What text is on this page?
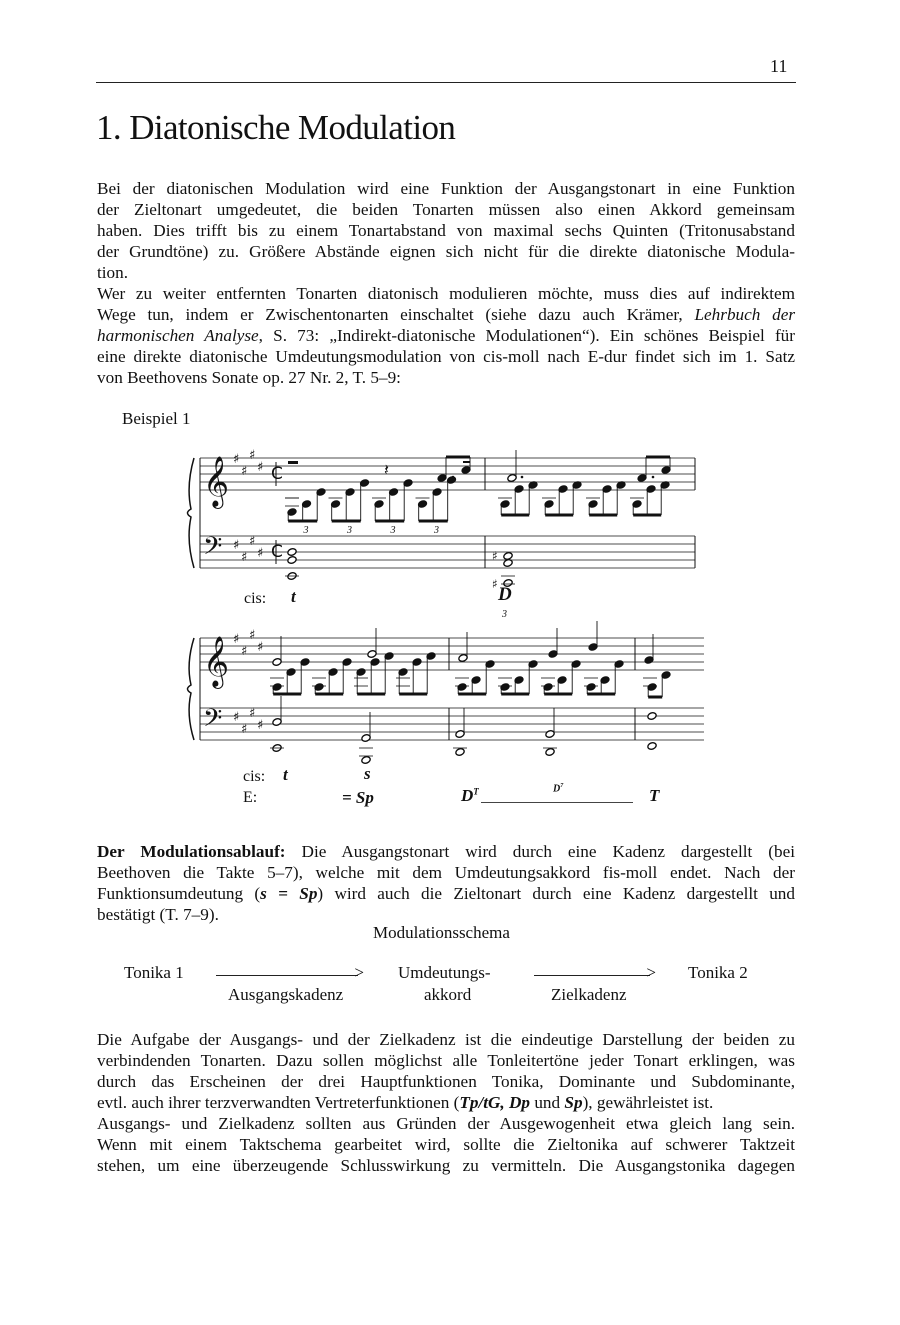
11
1. Diatonische Modulation
Bei der diatonischen Modulation wird eine Funktion der Ausgangstonart in eine Funktion
der Zieltonart umgedeutet, die beiden Tonarten müssen also einen Akkord gemeinsam
haben. Dies trifft bis zu einem Tonartabstand von maximal sechs Quinten (Tritonusabstand
der Grundtöne) zu. Größere Abstände eignen sich nicht für die direkte diatonische Modula-
tion.
Wer zu weiter entfernten Tonarten diatonisch modulieren möchte, muss dies auf indirektem
Wege tun, indem er Zwischentonarten einschaltet (siehe dazu auch Krämer, Lehrbuch der
harmonischen Analyse, S. 73: „Indirekt-diatonische Modulationen“). Ein schönes Beispiel für
eine direkte diatonische Umdeutungsmodulation von cis-moll nach E-dur findet sich im 1. Satz
von Beethovens Sonate op. 27 Nr. 2, T. 5–9:
Beispiel 1
𝄞
𝄢
♯
♯
♯
♯
♯
♯
♯
♯
C
C
𝄽
3	3	3	3
♯
♯
𝄞
𝄢
♯
♯
♯
♯
♯
♯
♯
♯
cis: t	D
3
cis: t	s
E:	= Sp	$D^T$	$D^7$	T
Der Modulationsablauf: Die Ausgangstonart wird durch eine Kadenz dargestellt (bei
Beethoven die Takte 5–7), welche mit dem Umdeutungsakkord fis-moll endet. Nach der
Funktionsumdeutung (s = Sp) wird auch die Zieltonart durch eine Kadenz dargestellt und
bestätigt (T. 7–9).
Modulationsschema
Tonika 1
>
Ausgangskadenz
Umdeutungs-
akkord
>	Zielkadenz
Tonika 2
Die Aufgabe der Ausgangs- und der Zielkadenz ist die eindeutige Darstellung der beiden zu
verbindenden Tonarten. Dazu sollen möglichst alle Tonleitertöne jeder Tonart erklingen, was
durch das Erscheinen der drei Hauptfunktionen Tonika, Dominante und Subdominante,
evtl. auch ihrer terzverwandten Vertreterfunktionen (Tp/tG, Dp und Sp), gewährleistet ist.
Ausgangs- und Zielkadenz sollten aus Gründen der Ausgewogenheit etwa gleich lang sein.
Wenn mit einem Taktschema gearbeitet wird, sollte die Zieltonika auf schwerer Taktzeit
stehen, um eine überzeugende Schlusswirkung zu vermitteln. Die Ausgangstonika dagegen
